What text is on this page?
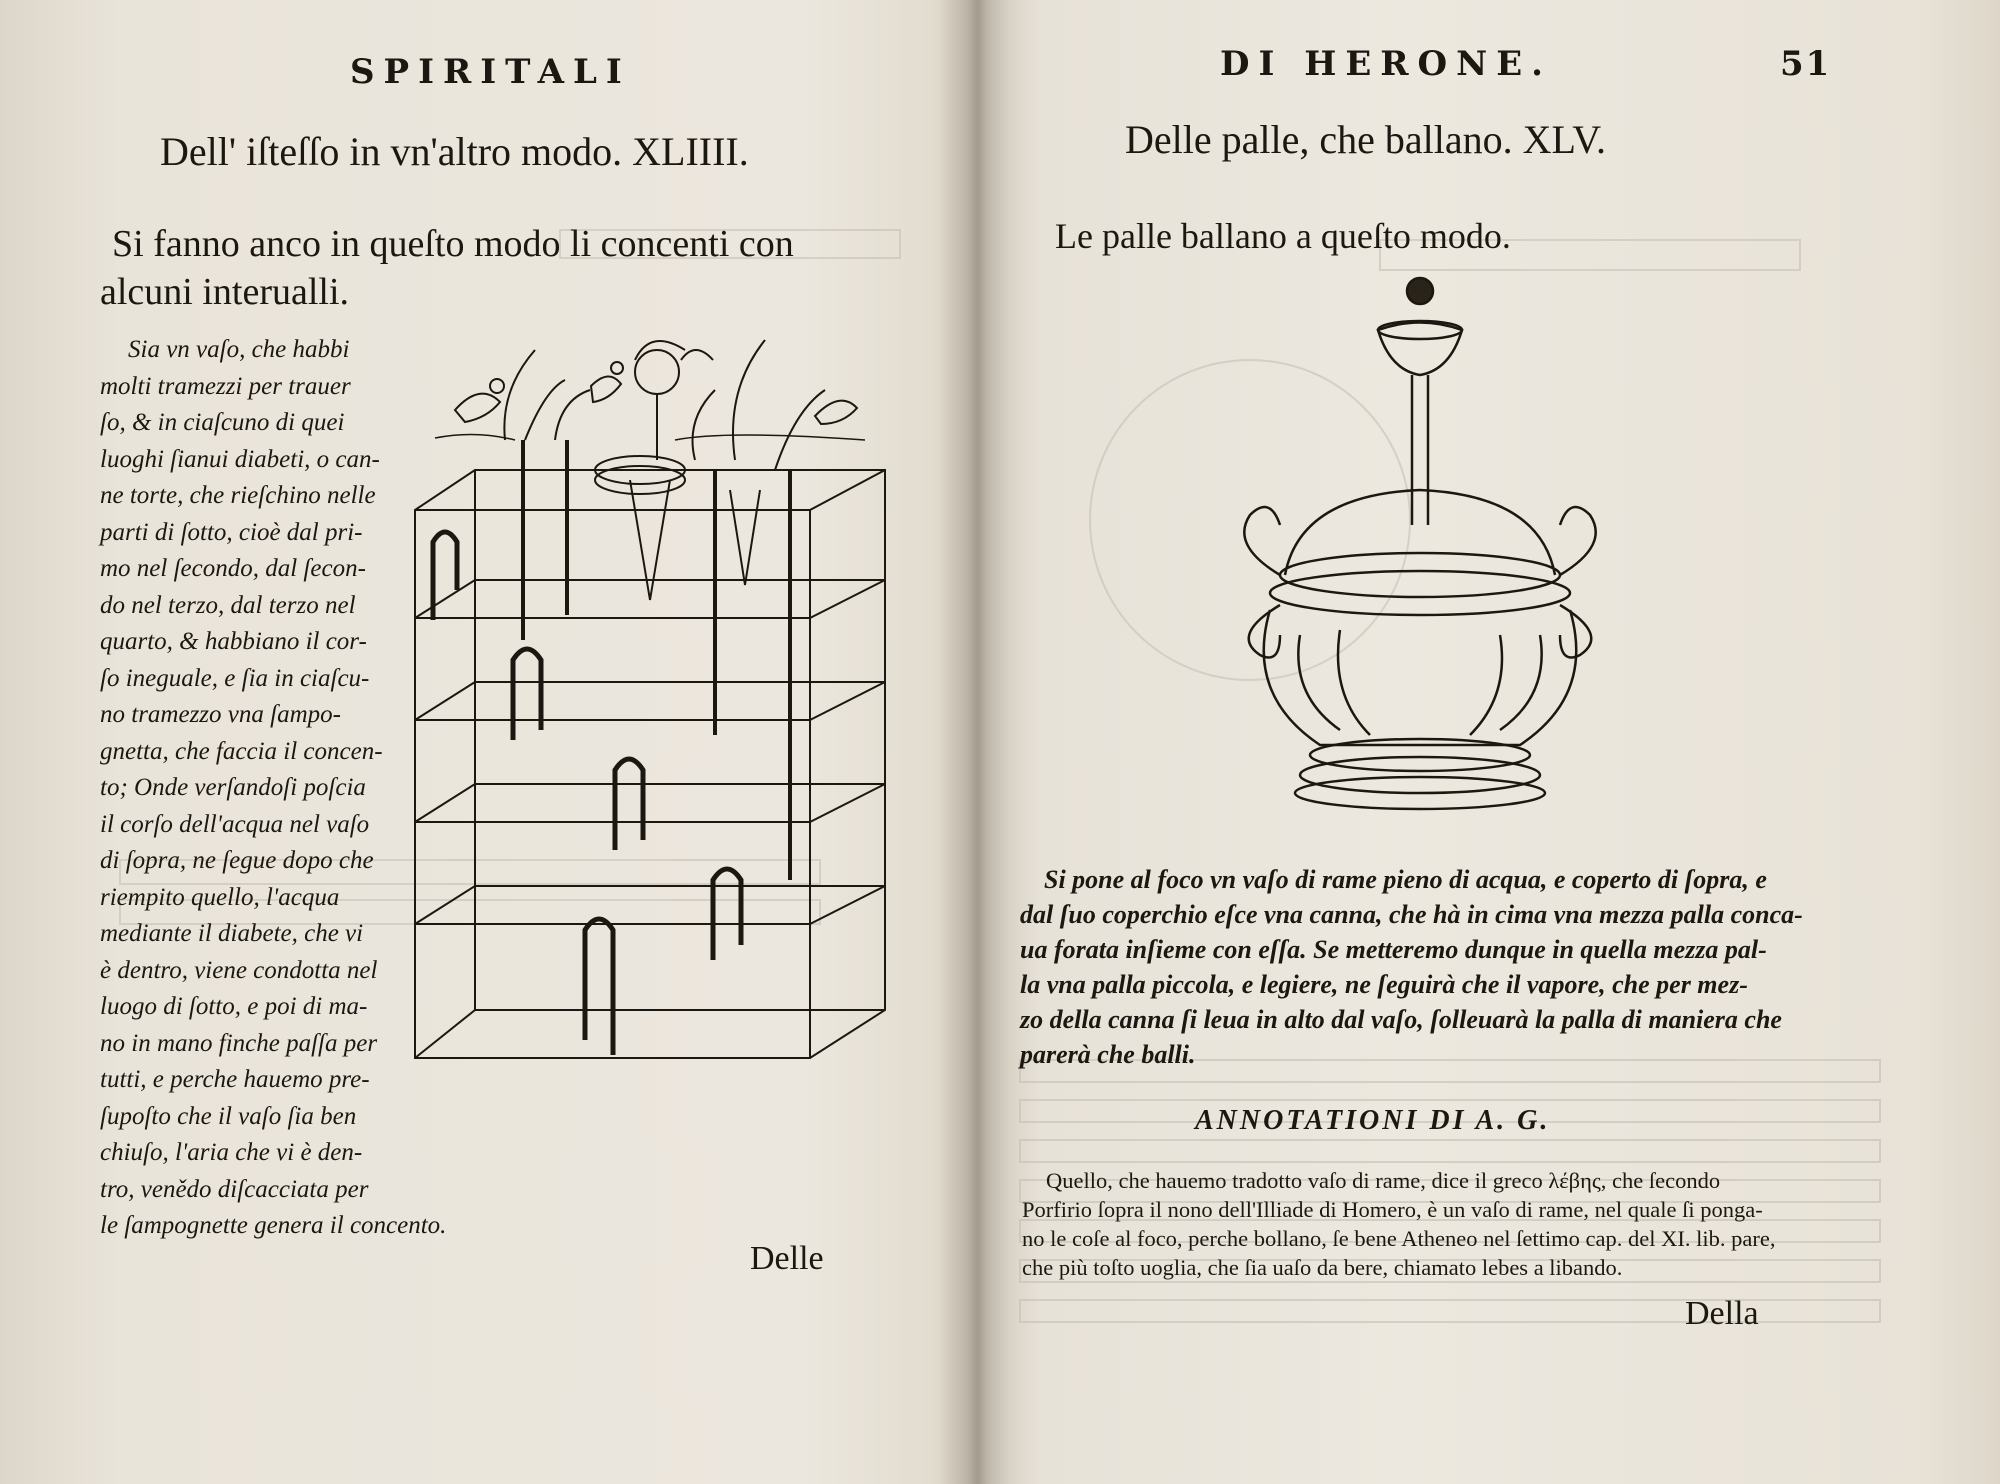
SPIRITALI
Dell' iſteſſo in vn'altro modo. XLIIII.
Si fanno anco in queſto modo li concenti con
alcuni interualli.
Sia vn vaſo, che habbi
molti tramezzi per trauer
ſo, & in ciaſcuno di quei
luoghi ſianui diabeti, o can-
ne torte, che rieſchino nelle
parti di ſotto, cioè dal pri-
mo nel ſecondo, dal ſecon-
do nel terzo, dal terzo nel
quarto, & habbiano il cor-
ſo ineguale, e ſia in ciaſcu-
no tramezzo vna ſampo-
gnetta, che faccia il concen-
to; Onde verſandoſi poſcia
il corſo dell'acqua nel vaſo
di ſopra, ne ſegue dopo che
riempito quello, l'acqua
mediante il diabete, che vi
è dentro, viene condotta nel
luogo di ſotto, e poi di ma-
no in mano finche paſſa per
tutti, e perche hauemo pre-
ſupoſto che il vaſo ſia ben
chiuſo, l'aria che vi è den-
tro, venědo diſcacciata per
le ſampognette genera il concento.
Delle
DI HERONE.	51
Delle palle, che ballano. XLV.
Le palle ballano a queſto modo.
Si pone al foco vn vaſo di rame pieno di acqua, e coperto di ſopra, e
dal ſuo coperchio eſce vna canna, che hà in cima vna mezza palla conca-
ua forata inſieme con eſſa. Se metteremo dunque in quella mezza pal-
la vna palla piccola, e legiere, ne ſeguirà che il vapore, che per mez-
zo della canna ſi leua in alto dal vaſo, ſolleuarà la palla di maniera che
parerà che balli.
ANNOTATIONI DI A. G.
Quello, che hauemo tradotto vaſo di rame, dice il greco λέβης, che ſecondo
Porfirio ſopra il nono dell'Illiade di Homero, è un vaſo di rame, nel quale ſi ponga-
no le coſe al foco, perche bollano, ſe bene Atheneo nel ſettimo cap. del XI. lib. pare,
che più toſto uoglia, che ſia uaſo da bere, chiamato lebes a libando.
Della
